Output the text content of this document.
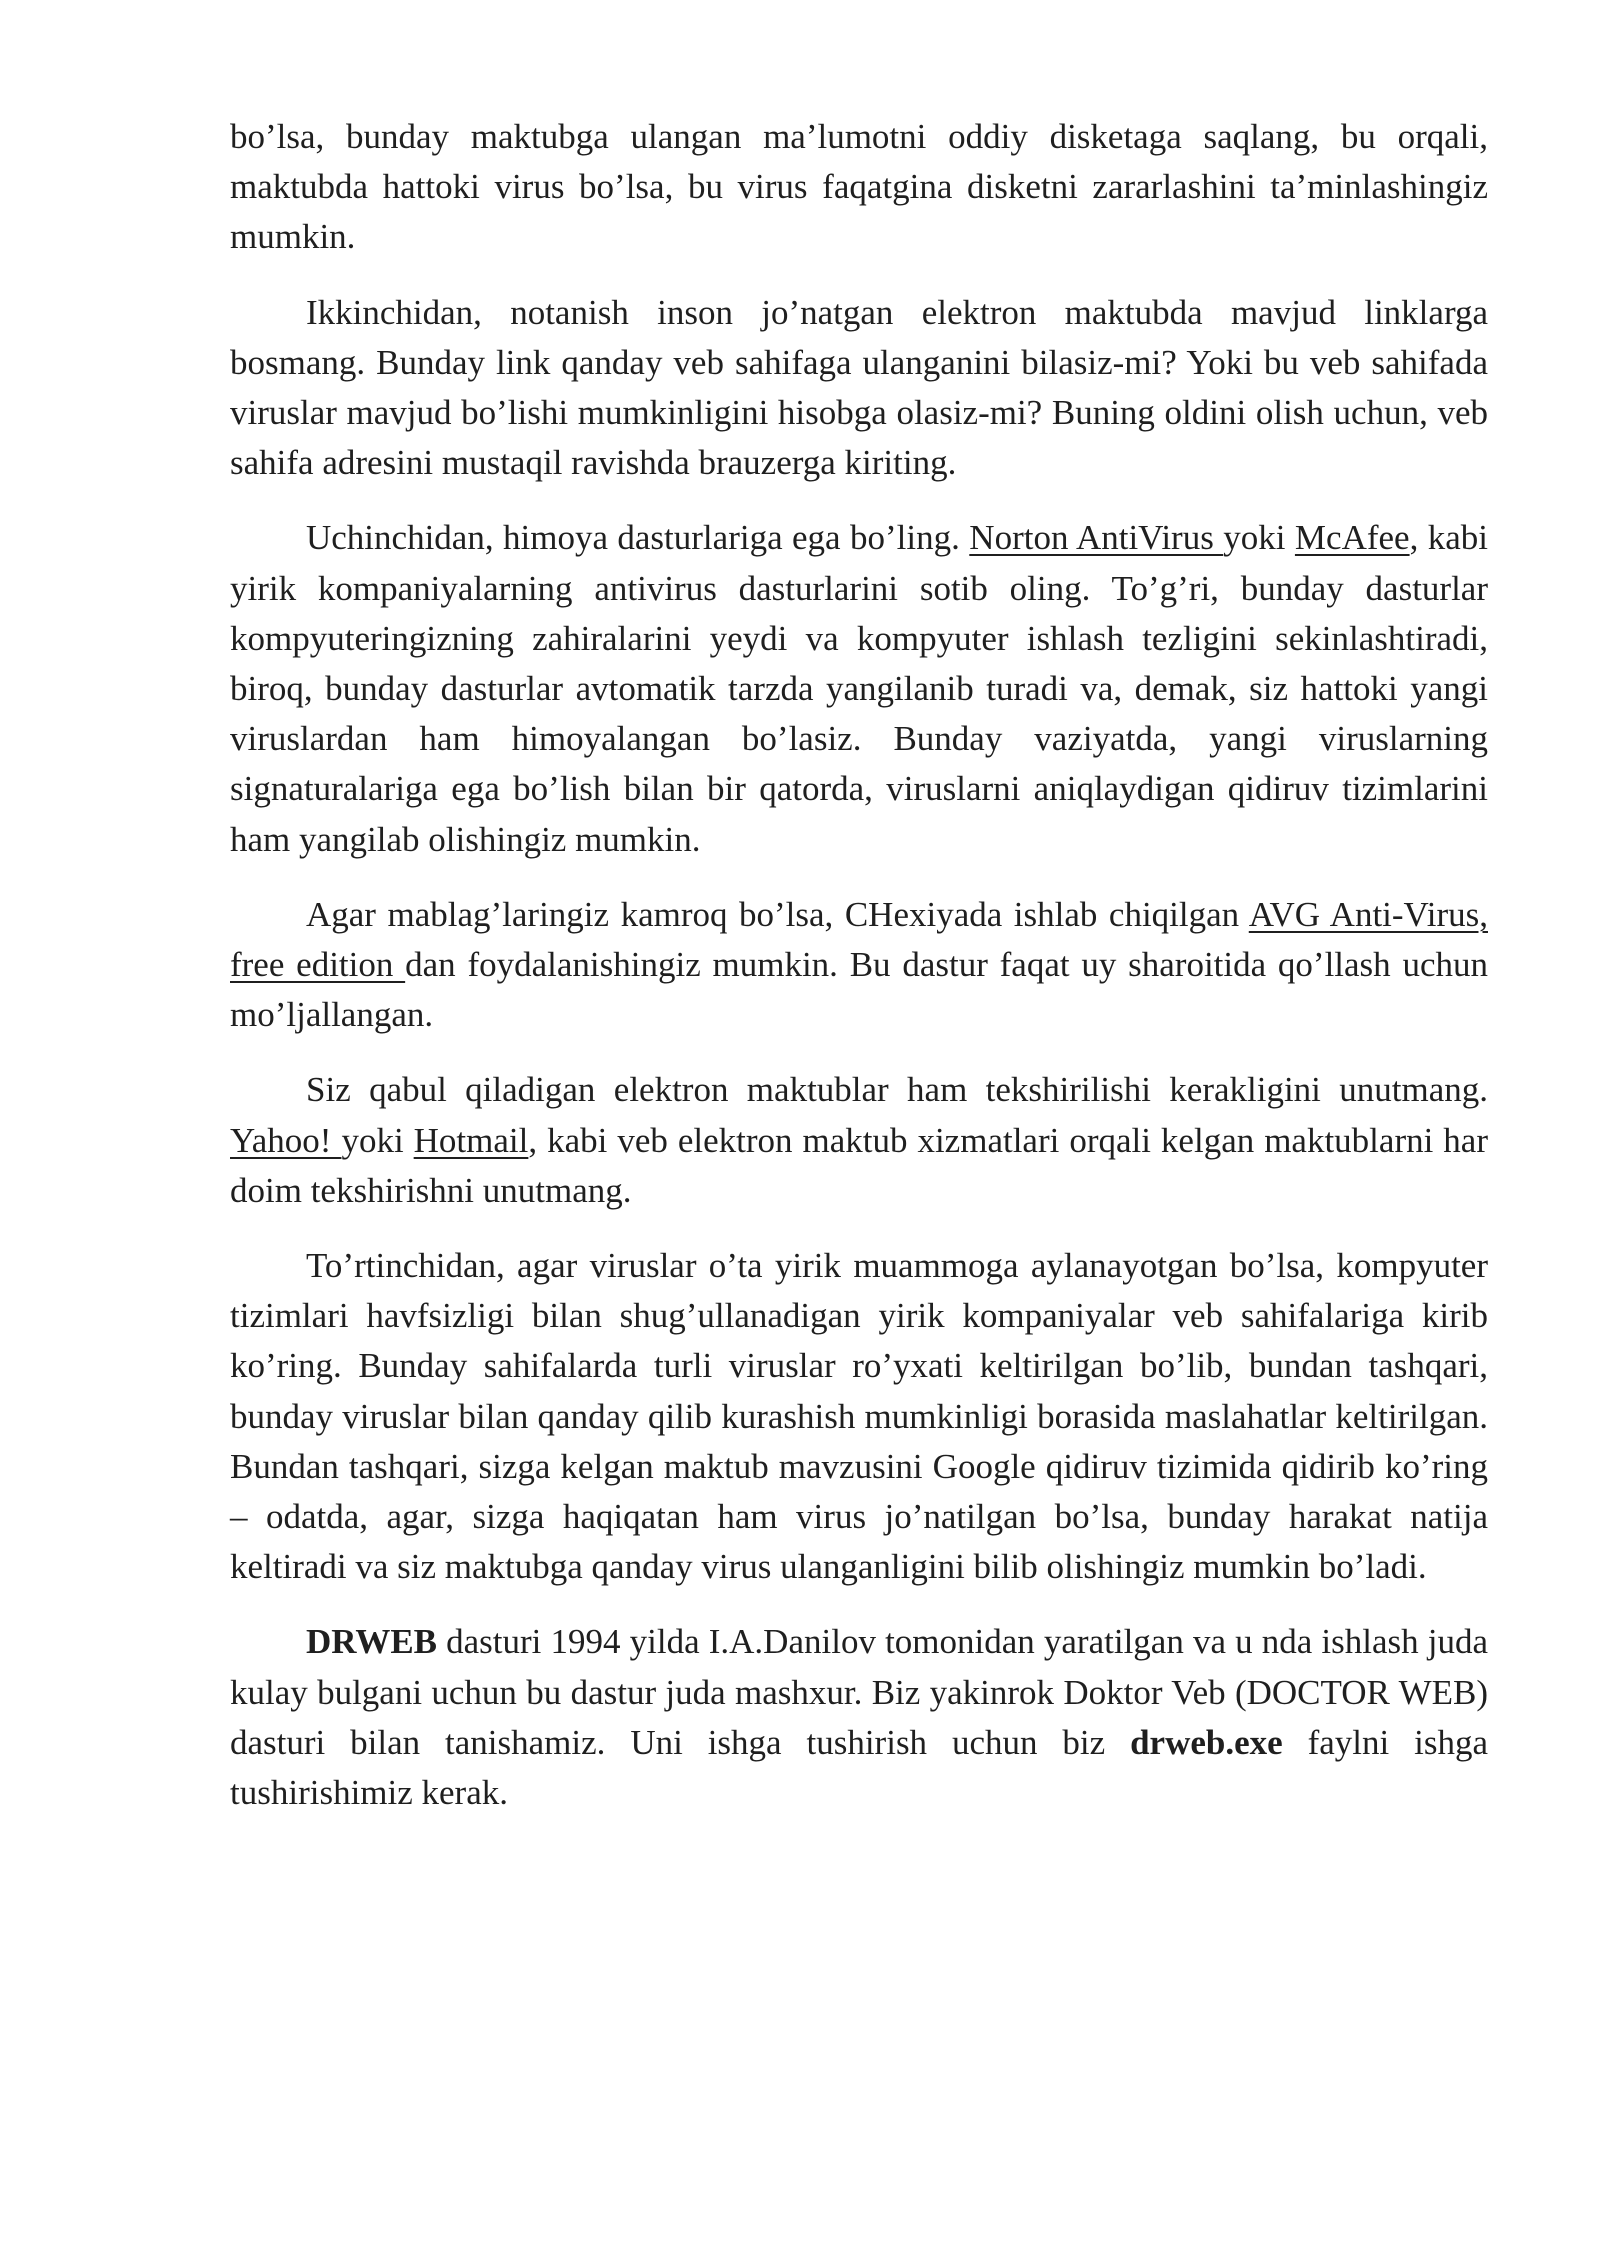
bo’lsa, bunday maktubga ulangan ma’lumotni oddiy disketaga saqlang, bu orqali, maktubda hattoki virus bo’lsa, bu virus faqatgina disketni zararlashini ta’minlashingiz mumkin.

Ikkinchidan, notanish inson jo’natgan elektron maktubda mavjud linklarga bosmang. Bunday link qanday veb sahifaga ulanganini bilasiz-mi? Yoki bu veb sahifada viruslar mavjud bo’lishi mumkinligini hisobga olasiz-mi? Buning oldini olish uchun, veb sahifa adresini mustaqil ravishda brauzerga kiriting.

Uchinchidan, himoya dasturlariga ega bo’ling. Norton AntiVirus yoki McAfee, kabi yirik kompaniyalarning antivirus dasturlarini sotib oling. To’g’ri, bunday dasturlar kompyuteringizning zahiralarini yeydi va kompyuter ishlash tezligini sekinlashtiradi, biroq, bunday dasturlar avtomatik tarzda yangilanib turadi va, demak, siz hattoki yangi viruslardan ham himoyalangan bo’lasiz. Bunday vaziyatda, yangi viruslarning signaturalariga ega bo’lish bilan bir qatorda, viruslarni aniqlaydigan qidiruv tizimlarini ham yangilab olishingiz mumkin.

Agar mablag’laringiz kamroq bo’lsa, CHexiyada ishlab chiqilgan AVG Anti-Virus, free edition dan foydalanishingiz mumkin. Bu dastur faqat uy sharoitida qo’llash uchun mo’ljallangan.

Siz qabul qiladigan elektron maktublar ham tekshirilishi kerakligini unutmang. Yahoo! yoki Hotmail, kabi veb elektron maktub xizmatlari orqali kelgan maktublarni har doim tekshirishni unutmang.

To’rtinchidan, agar viruslar o’ta yirik muammoga aylanayotgan bo’lsa, kompyuter tizimlari havfsizligi bilan shug’ullanadigan yirik kompaniyalar veb sahifalariga kirib ko’ring. Bunday sahifalarda turli viruslar ro’yxati keltirilgan bo’lib, bundan tashqari, bunday viruslar bilan qanday qilib kurashish mumkinligi borasida maslahatlar keltirilgan. Bundan tashqari, sizga kelgan maktub mavzusini Google qidiruv tizimida qidirib ko’ring – odatda, agar, sizga haqiqatan ham virus jo’natilgan bo’lsa, bunday harakat natija keltiradi va siz maktubga qanday virus ulanganligini bilib olishingiz mumkin bo’ladi.

DRWEB dasturi 1994 yilda I.A.Danilov tomonidan yaratilgan va u nda ishlash juda kulay bulgani uchun bu dastur juda mashxur. Biz yakinrok Doktor Veb (DOCTOR WEB) dasturi bilan tanishamiz. Uni ishga tushirish uchun biz drweb.exe faylni ishga tushirishimiz kerak.
